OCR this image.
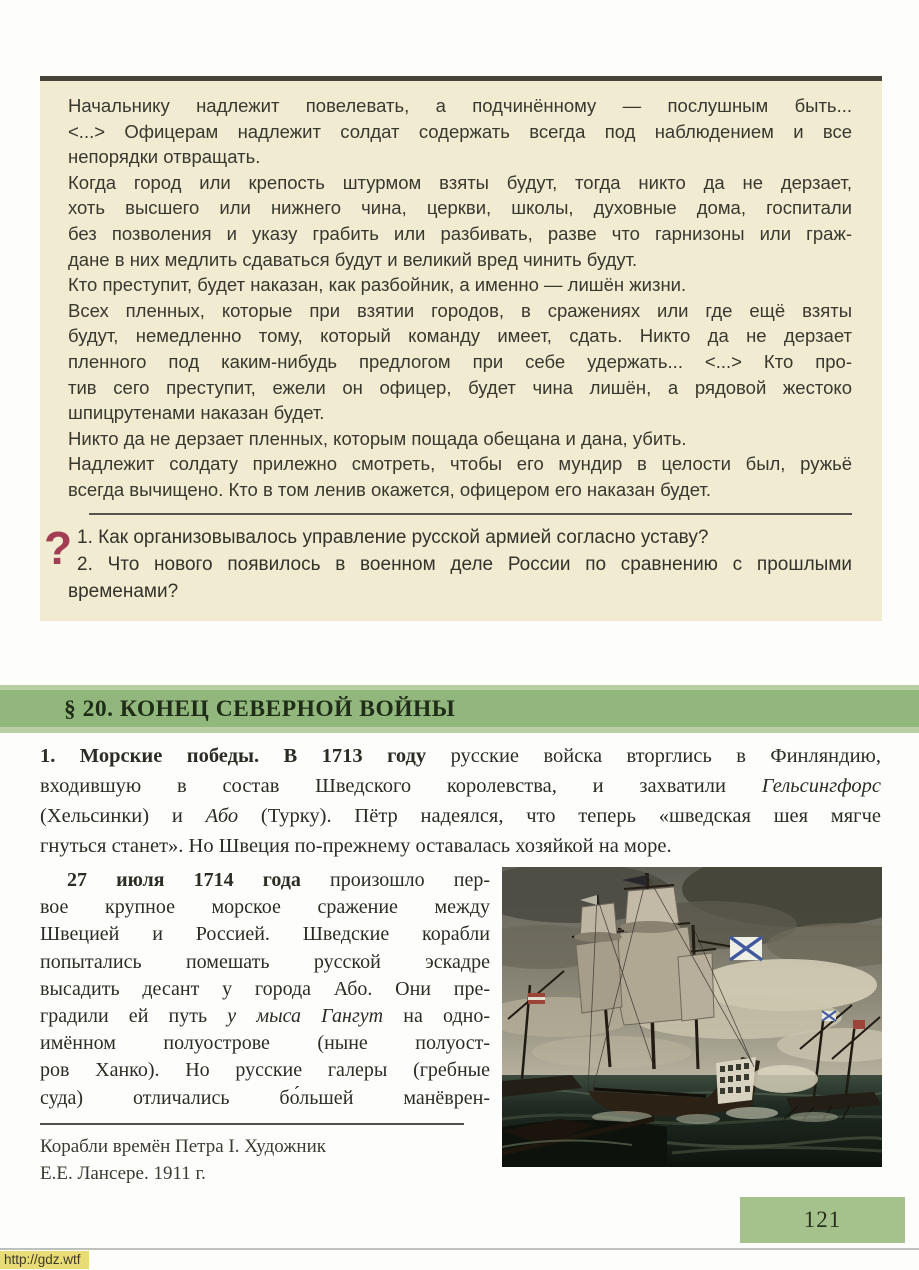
Начальнику надлежит повелевать, а подчинённому — послушным быть...
<...> Офицерам надлежит солдат содержать всегда под наблюдением и все
непорядки отвращать.
Когда город или крепость штурмом взяты будут, тогда никто да не дерзает,
хоть высшего или нижнего чина, церкви, школы, духовные дома, госпитали
без позволения и указу грабить или разбивать, разве что гарнизоны или граж-
дане в них медлить сдаваться будут и великий вред чинить будут.
Кто преступит, будет наказан, как разбойник, а именно — лишён жизни.
Всех пленных, которые при взятии городов, в сражениях или где ещё взяты
будут, немедленно тому, который команду имеет, сдать. Никто да не дерзает
пленного под каким-нибудь предлогом при себе удержать... <...> Кто про-
тив сего преступит, ежели он офицер, будет чина лишён, а рядовой жестоко
шпицрутенами наказан будет.
Никто да не дерзает пленных, которым пощада обещана и дана, убить.
Надлежит солдату прилежно смотреть, чтобы его мундир в целости был, ружьё
всегда вычищено. Кто в том ленив окажется, офицером его наказан будет.
? 1. Как организовывалось управление русской армией согласно уставу?
2. Что нового появилось в военном деле России по сравнению с прошлыми
временами?
§ 20. КОНЕЦ СЕВЕРНОЙ ВОЙНЫ
1. Морские победы. В 1713 году русские войска вторглись в Финляндию,
входившую в состав Шведского королевства, и захватили Гельсингфорс
(Хельсинки) и Або (Турку). Пётр надеялся, что теперь «шведская шея мягче
гнуться станет». Но Швеция по-прежнему оставалась хозяйкой на море.
27 июля 1714 года произошло пер-
вое крупное морское сражение между
Швецией и Россией. Шведские корабли
попытались помешать русской эскадре
высадить десант у города Або. Они пре-
градили ей путь у мыса Гангут на одно-
имённом полуострове (ныне полуост-
ров Ханко). Но русские галеры (гребные
суда) отличались бо́льшей манёврен-
Корабли времён Петра I. Художник
Е.Е. Лансере. 1911 г.
121
http://gdz.wtf
